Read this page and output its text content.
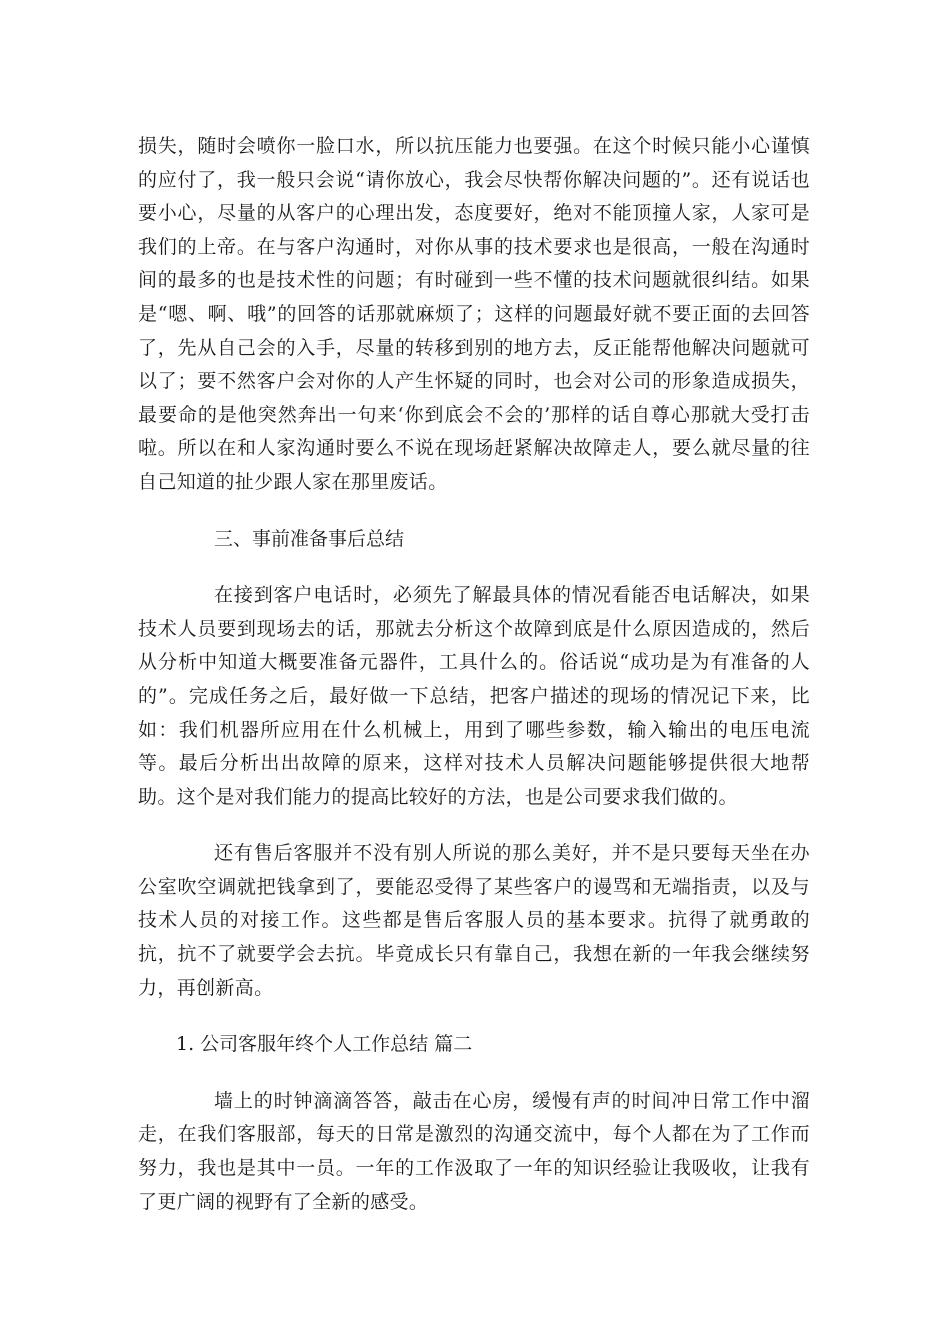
损失，随时会喷你一脸口水，所以抗压能力也要强。在这个时候只能小心谨慎的应付了，我一般只会说“请你放心，我会尽快帮你解决问题的”。还有说话也要小心，尽量的从客户的心理出发，态度要好，绝对不能顶撞人家，人家可是我们的上帝。在与客户沟通时，对你从事的技术要求也是很高，一般在沟通时间的最多的也是技术性的问题；有时碰到一些不懂的技术问题就很纠结。如果是“嗯、啊、哦”的回答的话那就麻烦了；这样的问题最好就不要正面的去回答了，先从自己会的入手，尽量的转移到别的地方去，反正能帮他解决问题就可以了；要不然客户会对你的人产生怀疑的同时，也会对公司的形象造成损失，最要命的是他突然奔出一句来‘你到底会不会的’那样的话自尊心那就大受打击啦。所以在和人家沟通时要么不说在现场赶紧解决故障走人，要么就尽量的往自己知道的扯少跟人家在那里废话。

三、事前准备事后总结

在接到客户电话时，必须先了解最具体的情况看能否电话解决，如果技术人员要到现场去的话，那就去分析这个故障到底是什么原因造成的，然后从分析中知道大概要准备元器件，工具什么的。俗话说“成功是为有准备的人的”。完成任务之后，最好做一下总结，把客户描述的现场的情况记下来，比如：我们机器所应用在什么机械上，用到了哪些参数，输入输出的电压电流等。最后分析出出故障的原来，这样对技术人员解决问题能够提供很大地帮助。这个是对我们能力的提高比较好的方法，也是公司要求我们做的。

还有售后客服并不没有别人所说的那么美好，并不是只要每天坐在办公室吹空调就把钱拿到了，要能忍受得了某些客户的谩骂和无端指责，以及与技术人员的对接工作。这些都是售后客服人员的基本要求。抗得了就勇敢的抗，抗不了就要学会去抗。毕竟成长只有靠自己，我想在新的一年我会继续努力，再创新高。

1. 公司客服年终个人工作总结 篇二

墙上的时钟滴滴答答，敲击在心房，缓慢有声的时间冲日常工作中溜走，在我们客服部，每天的日常是激烈的沟通交流中，每个人都在为了工作而努力，我也是其中一员。一年的工作汲取了一年的知识经验让我吸收，让我有了更广阔的视野有了全新的感受。
